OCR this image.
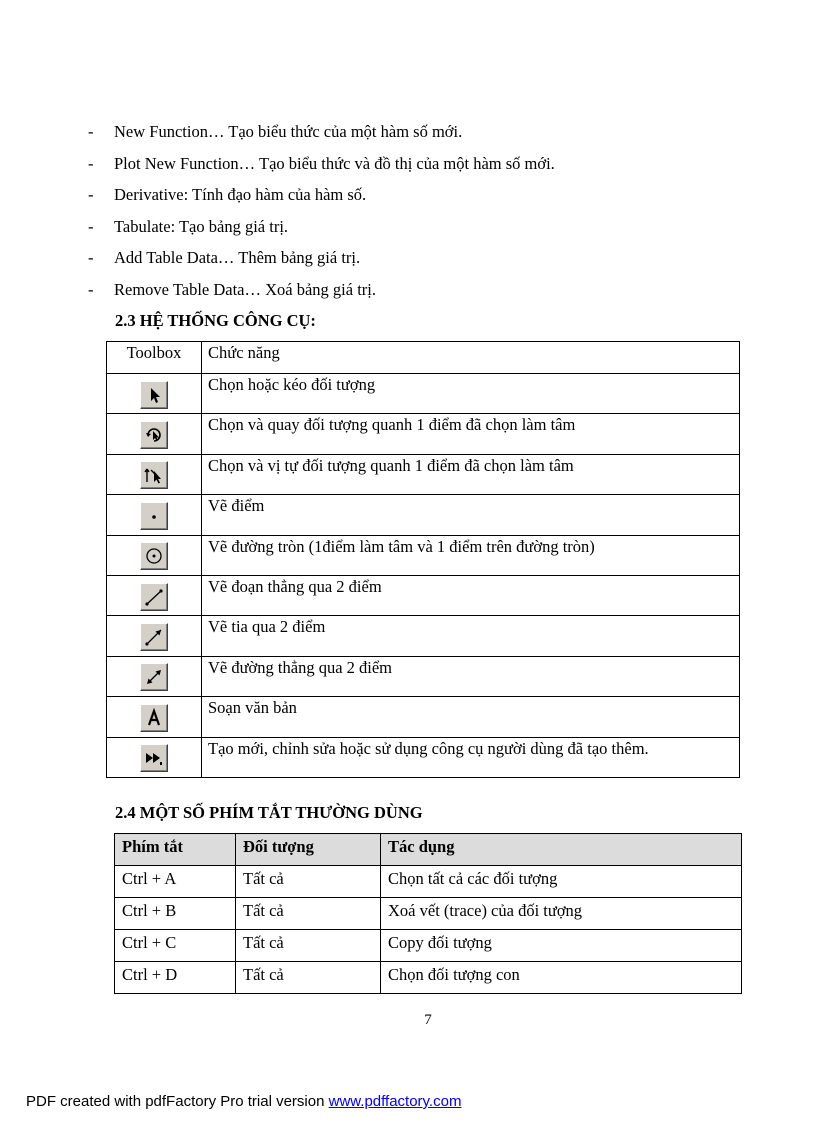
-	New Function… Tạo biểu thức của một hàm số mới.
-	Plot New Function… Tạo biểu thức và đồ thị của một hàm số mới.
-	Derivative: Tính đạo hàm của hàm số.
-	Tabulate: Tạo bảng giá trị.
-	Add Table Data… Thêm bảng giá trị.
-	Remove Table Data… Xoá bảng giá trị.
2.3 HỆ THỐNG CÔNG CỤ:
Toolbox	Chức năng

	Chọn hoặc kéo đối tượng

	Chọn và quay đối tượng quanh 1 điểm đã chọn làm tâm

	Chọn và vị tự đối tượng quanh 1 điểm đã chọn làm tâm

	Vẽ điểm

	Vẽ đường tròn (1điểm làm tâm và 1 điểm trên đường tròn)

	Vẽ đoạn thẳng qua 2 điểm

	Vẽ tia qua 2 điểm

	Vẽ đường thẳng qua 2 điểm

	Soạn văn bản

	Tạo mới, chỉnh sửa hoặc sử dụng công cụ người dùng đã tạo thêm.
2.4 MỘT SỐ PHÍM TẮT THƯỜNG DÙNG
Phím tắt	Đối tượng	Tác dụng
Ctrl + A	Tất cả	Chọn tất cả các đối tượng
Ctrl + B	Tất cả	Xoá vết (trace) của đối tượng
Ctrl + C	Tất cả	Copy đối tượng
Ctrl + D	Tất cả	Chọn đối tượng con
7
PDF created with pdfFactory Pro trial version www.pdffactory.com
